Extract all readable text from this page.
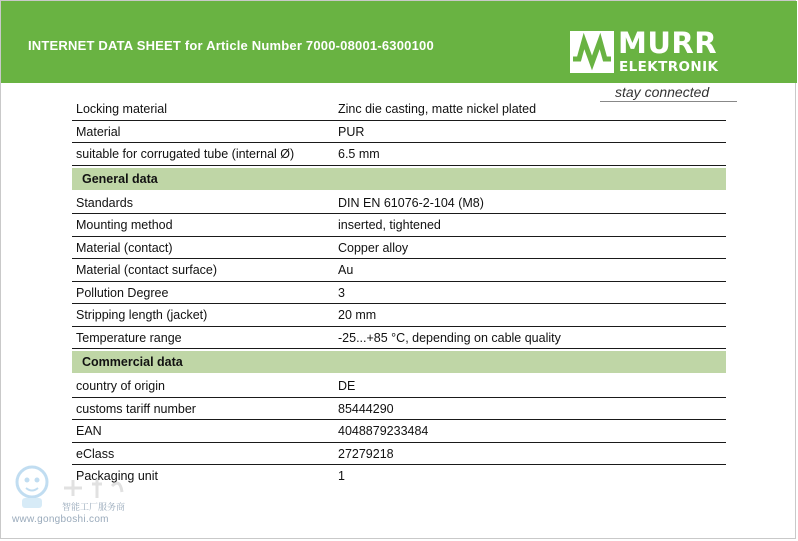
INTERNET DATA SHEET for Article Number 7000-08001-6300100	MURR
ELEKTRONIK
stay connected
Locking material	Zinc die casting, matte nickel plated
Material	PUR
suitable for corrugated tube (internal Ø)	6.5 mm
General data
Standards	DIN EN 61076-2-104 (M8)
Mounting method	inserted, tightened
Material (contact)	Copper alloy
Material (contact surface)	Au
Pollution Degree	3
Stripping length (jacket)	20 mm
Temperature range	-25...+85 °C, depending on cable quality
Commercial data
country of origin	DE
customs tariff number	85444290
EAN	4048879233484
eClass	27279218
Packaging unit	1
智能工厂服务商
www.gongboshi.com
